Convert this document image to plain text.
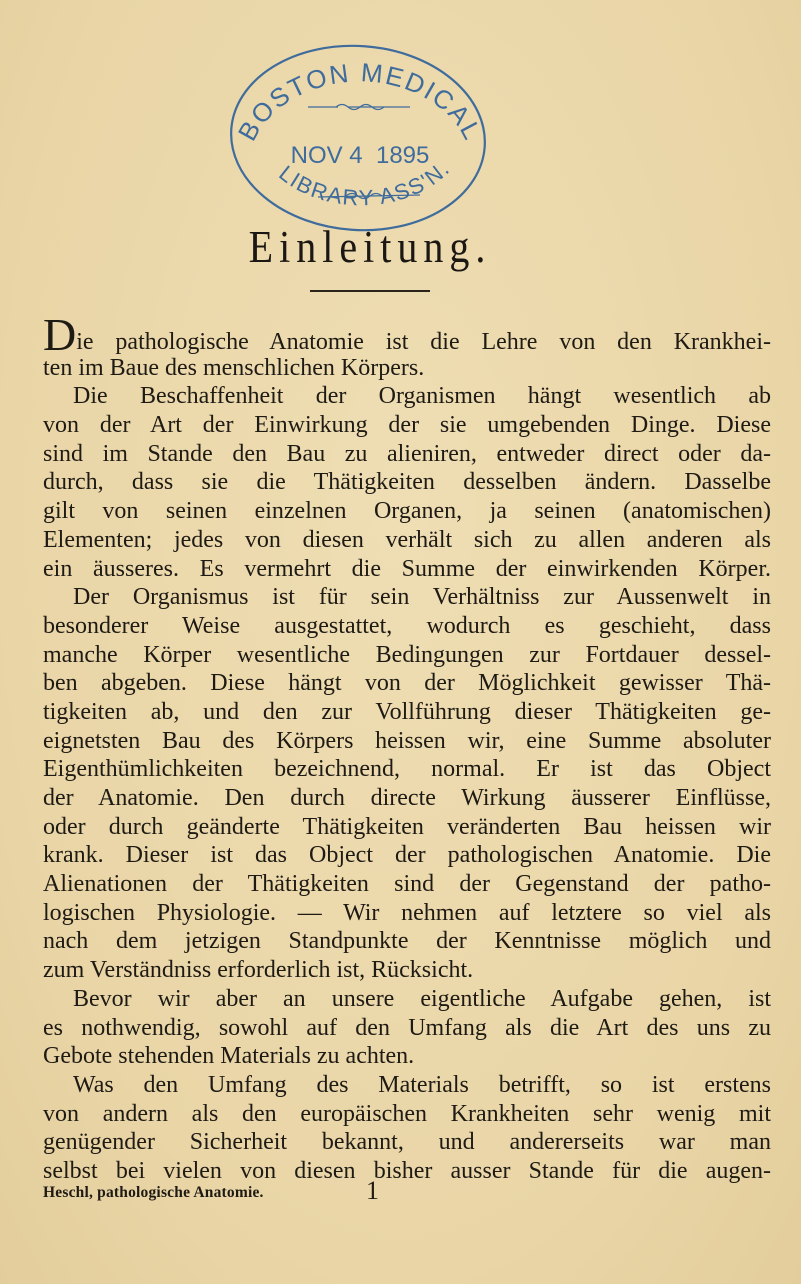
BOSTON MEDICAL
NOV 4  1895
LIBRARY ASS'N.
Einleitung.
Die pathologische Anatomie ist die Lehre von den Krankhei-
ten im Baue des menschlichen Körpers.
Die Beschaffenheit der Organismen hängt wesentlich ab
von der Art der Einwirkung der sie umgebenden Dinge. Diese
sind im Stande den Bau zu alieniren, entweder direct oder da-
durch, dass sie die Thätigkeiten desselben ändern. Dasselbe
gilt von seinen einzelnen Organen, ja seinen (anatomischen)
Elementen; jedes von diesen verhält sich zu allen anderen als
ein äusseres. Es vermehrt die Summe der einwirkenden Körper.
Der Organismus ist für sein Verhältniss zur Aussenwelt in
besonderer Weise ausgestattet, wodurch es geschieht, dass
manche Körper wesentliche Bedingungen zur Fortdauer dessel-
ben abgeben. Diese hängt von der Möglichkeit gewisser Thä-
tigkeiten ab, und den zur Vollführung dieser Thätigkeiten ge-
eignetsten Bau des Körpers heissen wir, eine Summe absoluter
Eigenthümlichkeiten bezeichnend, normal. Er ist das Object
der Anatomie. Den durch directe Wirkung äusserer Einflüsse,
oder durch geänderte Thätigkeiten veränderten Bau heissen wir
krank. Dieser ist das Object der pathologischen Anatomie. Die
Alienationen der Thätigkeiten sind der Gegenstand der patho-
logischen Physiologie. — Wir nehmen auf letztere so viel als
nach dem jetzigen Standpunkte der Kenntnisse möglich und
zum Verständniss erforderlich ist, Rücksicht.
Bevor wir aber an unsere eigentliche Aufgabe gehen, ist
es nothwendig, sowohl auf den Umfang als die Art des uns zu
Gebote stehenden Materials zu achten.
Was den Umfang des Materials betrifft, so ist erstens
von andern als den europäischen Krankheiten sehr wenig mit
genügender Sicherheit bekannt, und andererseits war man
selbst bei vielen von diesen bisher ausser Stande für die augen-
Heschl, pathologische Anatomie.	1
